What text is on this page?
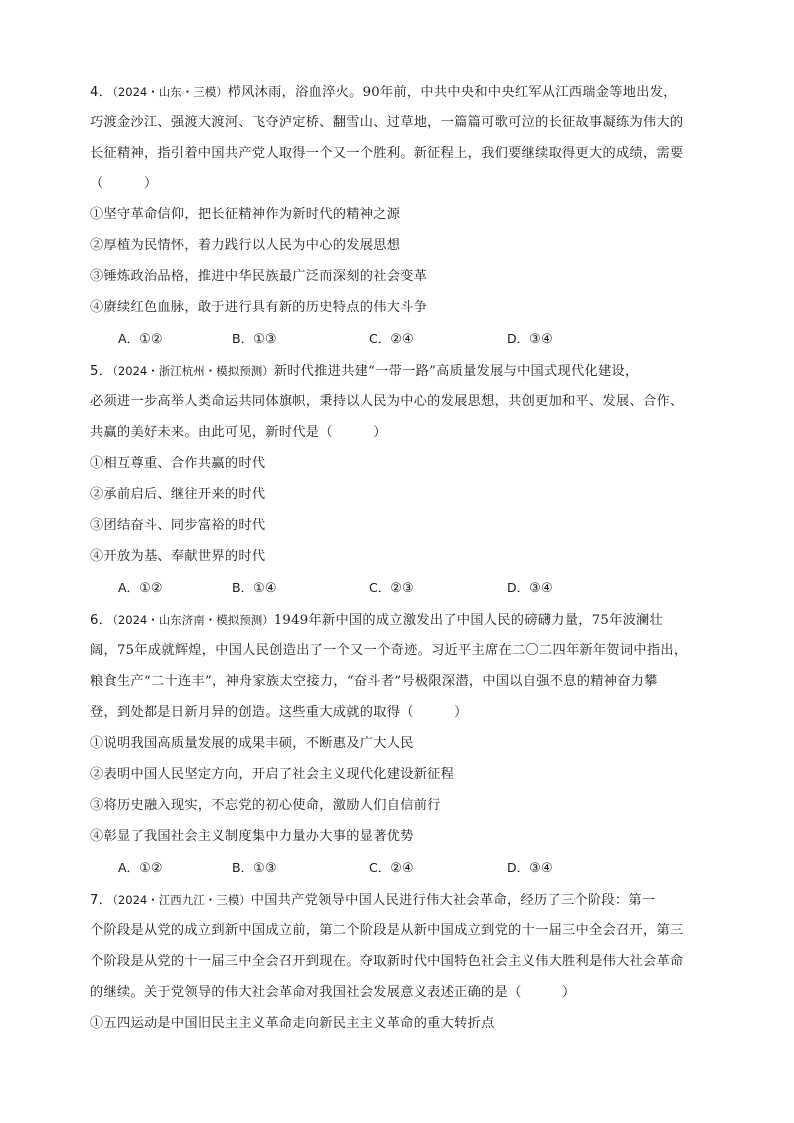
4．（2024・山东・三模）栉风沐雨，浴血淬火。90年前，中共中央和中央红军从江西瑞金等地出发，
巧渡金沙江、强渡大渡河、飞夺泸定桥、翻雪山、过草地，一篇篇可歌可泣的长征故事凝练为伟大的
长征精神，指引着中国共产党人取得一个又一个胜利。新征程上，我们要继续取得更大的成绩，需要
（　　　）
①坚守革命信仰，把长征精神作为新时代的精神之源
②厚植为民情怀，着力践行以人民为中心的发展思想
③锤炼政治品格，推进中华民族最广泛而深刻的社会变革
④赓续红色血脉，敢于进行具有新的历史特点的伟大斗争
A．①②	B．①③	C．②④	D．③④
5．（2024・浙江杭州・模拟预测）新时代推进共建“一带一路”高质量发展与中国式现代化建设，
必须进一步高举人类命运共同体旗帜，秉持以人民为中心的发展思想，共创更加和平、发展、合作、
共赢的美好未来。由此可见，新时代是（　　　）
①相互尊重、合作共赢的时代
②承前启后、继往开来的时代
③团结奋斗、同步富裕的时代
④开放为基、奉献世界的时代
A．①②	B．①④	C．②③	D．③④
6．（2024・山东济南・模拟预测）1949年新中国的成立激发出了中国人民的磅礴力量，75年波澜壮
阔，75年成就辉煌，中国人民创造出了一个又一个奇迹。习近平主席在二〇二四年新年贺词中指出，
粮食生产“二十连丰”，神舟家族太空接力，“奋斗者”号极限深潜，中国以自强不息的精神奋力攀
登，到处都是日新月异的创造。这些重大成就的取得（　　　）
①说明我国高质量发展的成果丰硕，不断惠及广大人民
②表明中国人民坚定方向，开启了社会主义现代化建设新征程
③将历史融入现实，不忘党的初心使命，激励人们自信前行
④彰显了我国社会主义制度集中力量办大事的显著优势
A．①②	B．①③	C．②④	D．③④
7．（2024・江西九江・三模）中国共产党领导中国人民进行伟大社会革命，经历了三个阶段：第一
个阶段是从党的成立到新中国成立前，第二个阶段是从新中国成立到党的十一届三中全会召开，第三
个阶段是从党的十一届三中全会召开到现在。夺取新时代中国特色社会主义伟大胜利是伟大社会革命
的继续。关于党领导的伟大社会革命对我国社会发展意义表述正确的是（　　　）
①五四运动是中国旧民主主义革命走向新民主主义革命的重大转折点
